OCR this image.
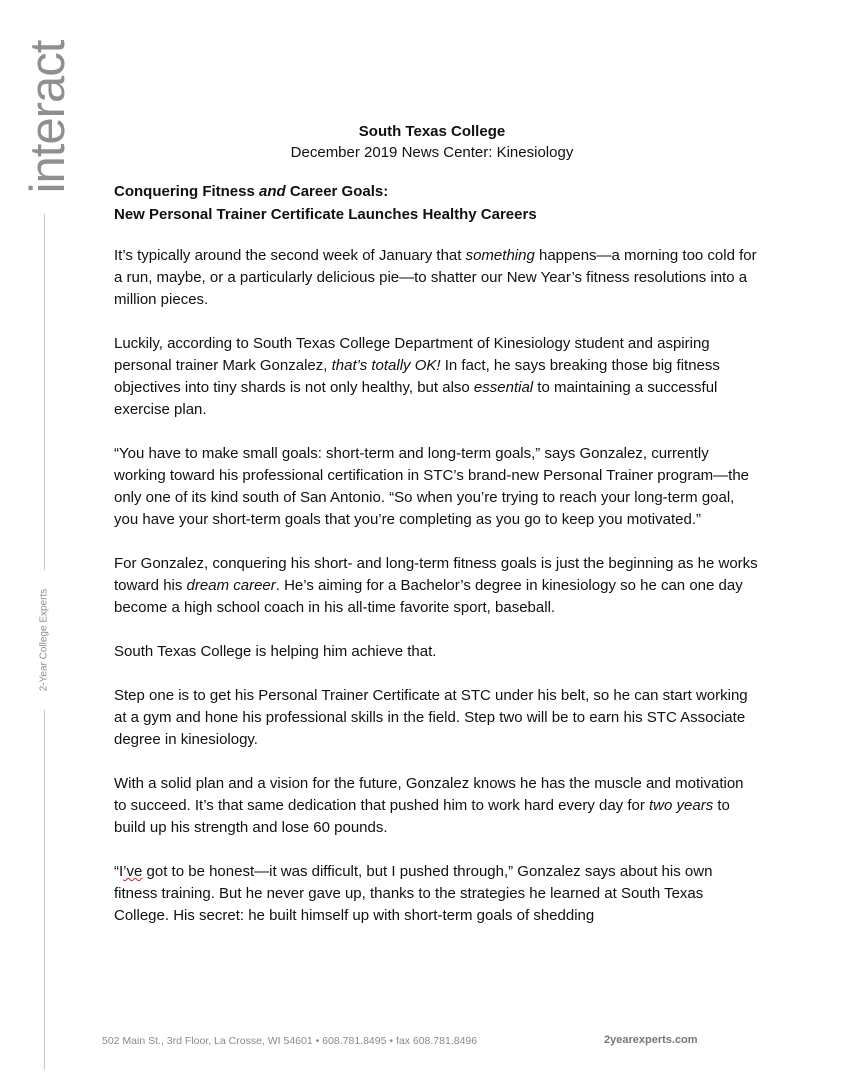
interact
2-Year College Experts
South Texas College
December 2019 News Center: Kinesiology
Conquering Fitness and Career Goals:
New Personal Trainer Certificate Launches Healthy Careers

It’s typically around the second week of January that something happens—a morning too cold for a run, maybe, or a particularly delicious pie—to shatter our New Year’s fitness resolutions into a million pieces.

Luckily, according to South Texas College Department of Kinesiology student and aspiring personal trainer Mark Gonzalez, that’s totally OK! In fact, he says breaking those big fitness objectives into tiny shards is not only healthy, but also essential to maintaining a successful exercise plan.

“You have to make small goals: short-term and long-term goals,” says Gonzalez, currently working toward his professional certification in STC’s brand-new Personal Trainer program—the only one of its kind south of San Antonio. “So when you’re trying to reach your long-term goal, you have your short-term goals that you’re completing as you go to keep you motivated.”

For Gonzalez, conquering his short- and long-term fitness goals is just the beginning as he works toward his dream career. He’s aiming for a Bachelor’s degree in kinesiology so he can one day become a high school coach in his all-time favorite sport, baseball.

South Texas College is helping him achieve that.

Step one is to get his Personal Trainer Certificate at STC under his belt, so he can start working at a gym and hone his professional skills in the field. Step two will be to earn his STC Associate degree in kinesiology.

With a solid plan and a vision for the future, Gonzalez knows he has the muscle and motivation to succeed. It’s that same dedication that pushed him to work hard every day for two years to build up his strength and lose 60 pounds.

“I’ve got to be honest—it was difficult, but I pushed through,” Gonzalez says about his own fitness training. But he never gave up, thanks to the strategies he learned at South Texas College. His secret: he built himself up with short-term goals of shedding

502 Main St., 3rd Floor, La Crosse, WI 54601 • 608.781.8495 • fax 608.781.8496	2yearexperts.com
